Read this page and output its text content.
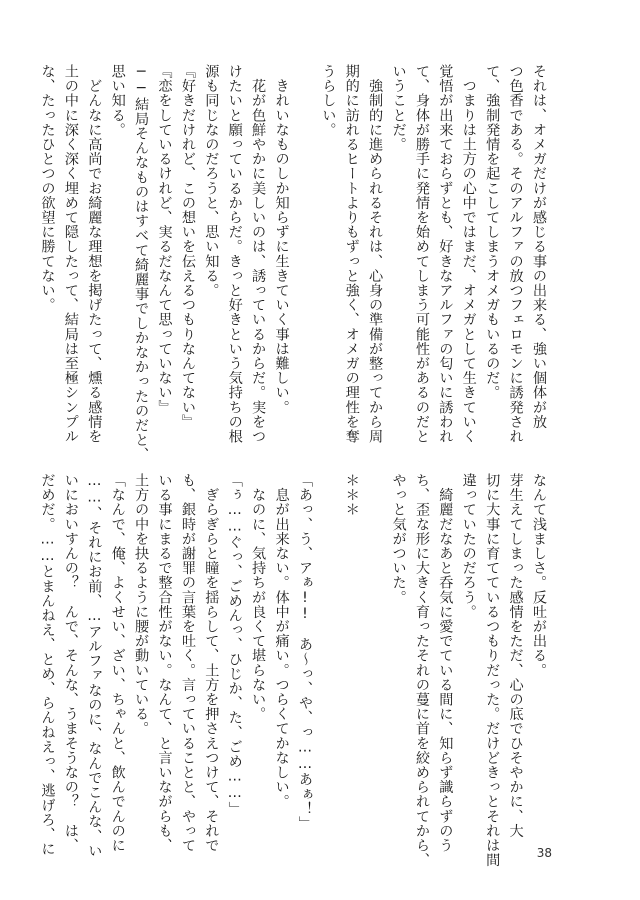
それは、オメガだけが感じる事の出来る、強い個体が放
つ色香である。そのアルファの放つフェロモンに誘発され
て、強制発情を起こしてしまうオメガもいるのだ。
　つまりは土方の心中ではまだ、オメガとして生きていく
覚悟が出来ておらずとも、好きなアルファの匂いに誘われ
て、身体が勝手に発情を始めてしまう可能性があるのだと
いうことだ。
　強制的に進められるそれは、心身の準備が整ってから周
期的に訪れるヒートよりもずっと強く、オメガの理性を奪
うらしい。
　きれいなものしか知らずに生きていく事は難しい。
　花が色鮮やかに美しいのは、誘っているからだ。実をつ
けたいと願っているからだ。きっと好きという気持ちの根
源も同じなのだろうと、思い知る。
『好きだけれど、この想いを伝えるつもりなんてない』
『恋をしているけれど、実るだなんて思っていない』
──結局そんなものはすべて綺麗事でしかなかったのだと、
思い知る。
　どんなに高尚でお綺麗な理想を掲げたって、燻る感情を
土の中に深く深く埋めて隠したって、結局は至極シンプル
な、たったひとつの欲望に勝てない。
なんて浅ましさ。反吐が出る。
芽生えてしまった感情をただ、心の底でひそやかに、大
切に大事に育てているつもりだった。だけどきっとそれは間
違っていたのだろう。
　綺麗だなあと呑気に愛でている間に、知らず識らずのう
ち、歪な形に大きく育ったそれの蔓に首を絞められてから、
やっと気がついた。
＊＊＊
「あっ、う、アぁ!!　あ〜っ、や、っ……あぁ！」
　息が出来ない。体中が痛い。つらくてかなしい。
　なのに、気持ちが良くて堪らない。
「ぅ……ぐっ、ごめんっ、ひじか、た、ごめ……」
　ぎらぎらと瞳を揺らして、土方を押さえつけて、それで
も、銀時が謝罪の言葉を吐く。言っていることと、やって
いる事にまるで整合性がない。なんて、と言いながらも、
土方の中を抉るように腰が動いている。
「なんで、俺、よくせい、ざい、ちゃんと、飲んでんのに
……、それにお前、…アルファなのに、なんでこんな、い
いにおいすんの？　んで、そんな、うまそうなの？　は、
だめだ。……とまんねえ、とめ、らんねえっ、逃げろ、に	38
